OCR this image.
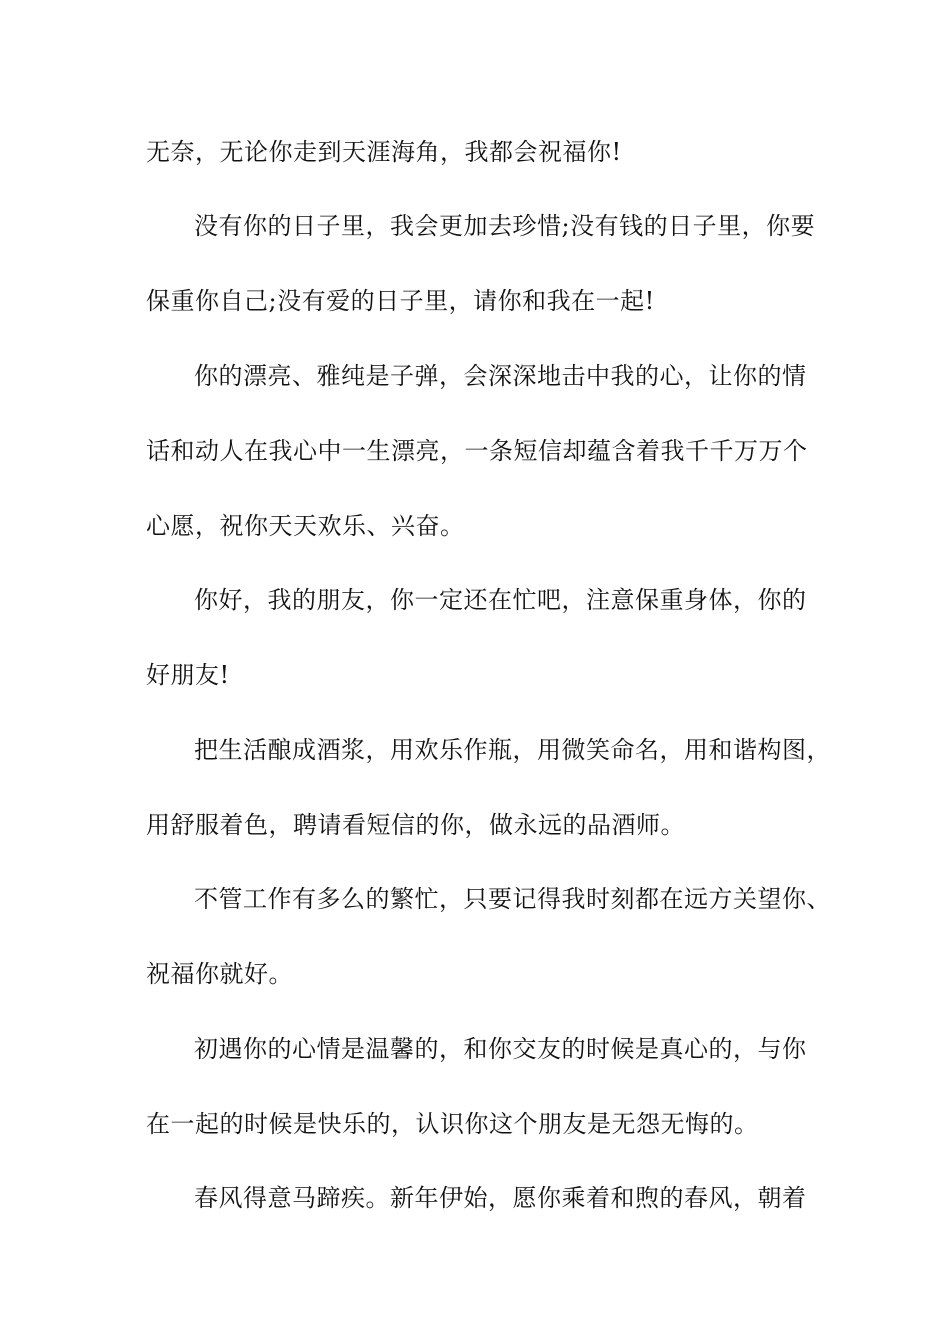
无奈，无论你走到天涯海角，我都会祝福你!
没有你的日子里，我会更加去珍惜;没有钱的日子里，你要
保重你自己;没有爱的日子里，请你和我在一起!
你的漂亮、雅纯是子弹，会深深地击中我的心，让你的情
话和动人在我心中一生漂亮，一条短信却蕴含着我千千万万个
心愿，祝你天天欢乐、兴奋。
你好，我的朋友，你一定还在忙吧，注意保重身体，你的
好朋友!
把生活酿成酒浆，用欢乐作瓶，用微笑命名，用和谐构图，
用舒服着色，聘请看短信的你，做永远的品酒师。
不管工作有多么的繁忙，只要记得我时刻都在远方关望你、
祝福你就好。
初遇你的心情是温馨的，和你交友的时候是真心的，与你
在一起的时候是快乐的，认识你这个朋友是无怨无悔的。
春风得意马蹄疾。新年伊始，愿你乘着和煦的春风，朝着
